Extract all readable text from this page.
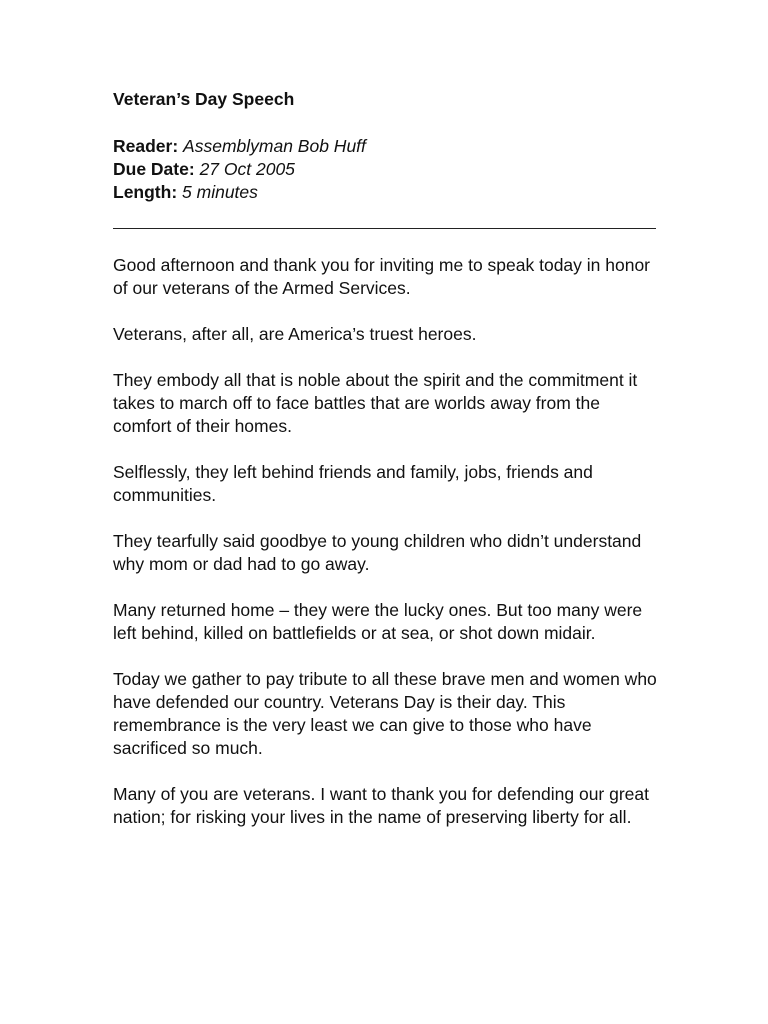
Veteran’s Day Speech
Reader: Assemblyman Bob Huff
Due Date: 27 Oct 2005
Length: 5 minutes

Good afternoon and thank you for inviting me to speak today in honor of our veterans of the Armed Services.

Veterans, after all, are America’s truest heroes.

They embody all that is noble about the spirit and the commitment it takes to march off to face battles that are worlds away from the comfort of their homes.

Selflessly, they left behind friends and family, jobs, friends and communities.

They tearfully said goodbye to young children who didn’t understand why mom or dad had to go away.

Many returned home – they were the lucky ones. But too many were left behind, killed on battlefields or at sea, or shot down midair.

Today we gather to pay tribute to all these brave men and women who have defended our country. Veterans Day is their day. This remembrance is the very least we can give to those who have sacrificed so much.

Many of you are veterans. I want to thank you for defending our great nation; for risking your lives in the name of preserving liberty for all.
